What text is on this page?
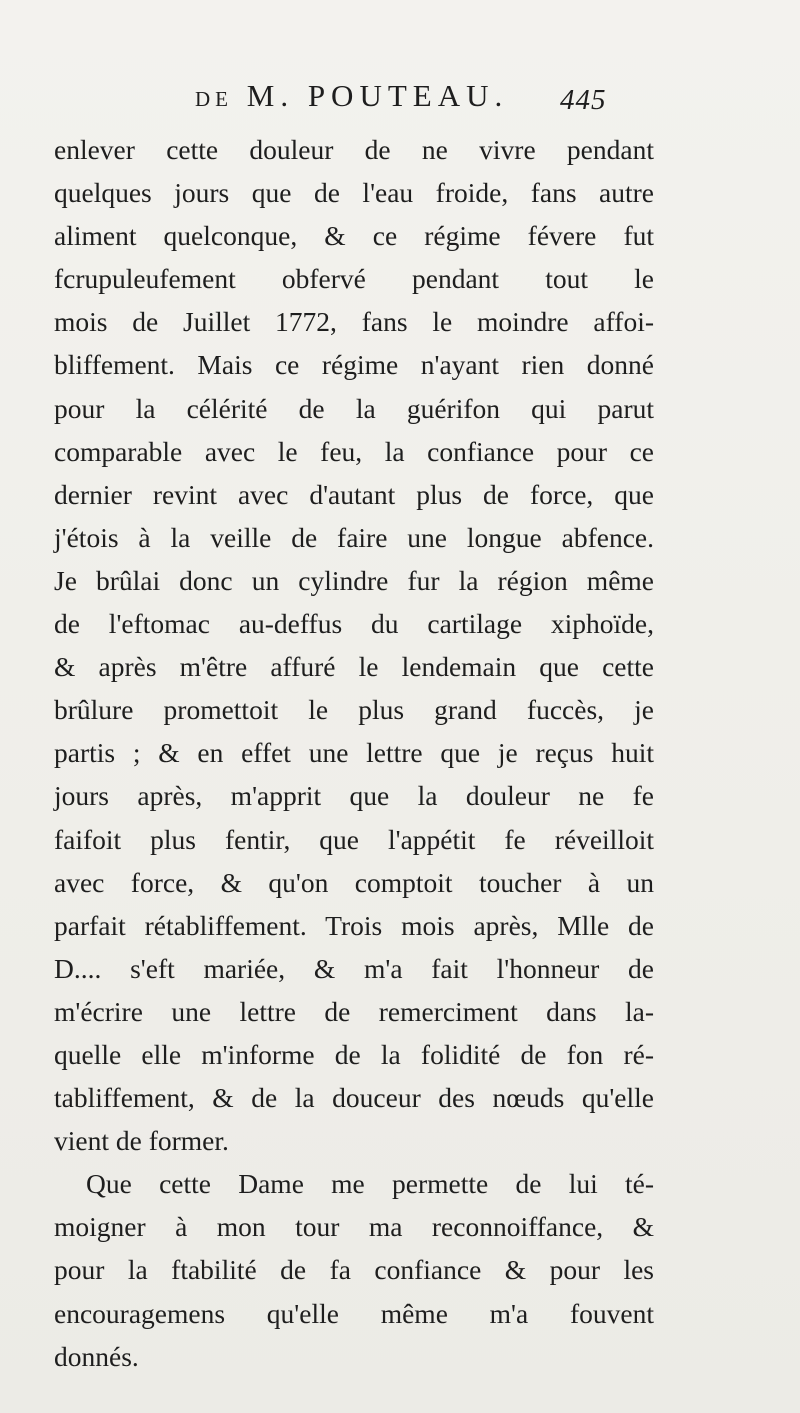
DE M. POUTEAU. 445
enlever cette douleur de ne vivre pendant
quelques jours que de l'eau froide, fans autre
aliment quelconque, & ce régime févere fut
fcrupuleufement obfervé pendant tout le
mois de Juillet 1772, fans le moindre affoi-
bliffement. Mais ce régime n'ayant rien donné
pour la célérité de la guérifon qui parut
comparable avec le feu, la confiance pour ce
dernier revint avec d'autant plus de force, que
j'étois à la veille de faire une longue abfence.
Je brûlai donc un cylindre fur la région même
de l'eftomac au-deffus du cartilage xiphoïde,
& après m'être affuré le lendemain que cette
brûlure promettoit le plus grand fuccès, je
partis ; & en effet une lettre que je reçus huit
jours après, m'apprit que la douleur ne fe
faifoit plus fentir, que l'appétit fe réveilloit
avec force, & qu'on comptoit toucher à un
parfait rétabliffement. Trois mois après, Mlle de
D.... s'eft mariée, & m'a fait l'honneur de
m'écrire une lettre de remerciment dans la-
quelle elle m'informe de la folidité de fon ré-
tabliffement, & de la douceur des nœuds qu'elle
vient de former.
Que cette Dame me permette de lui té-
moigner à mon tour ma reconnoiffance, &
pour la ftabilité de fa confiance & pour les
encouragemens qu'elle même m'a fouvent
donnés.
